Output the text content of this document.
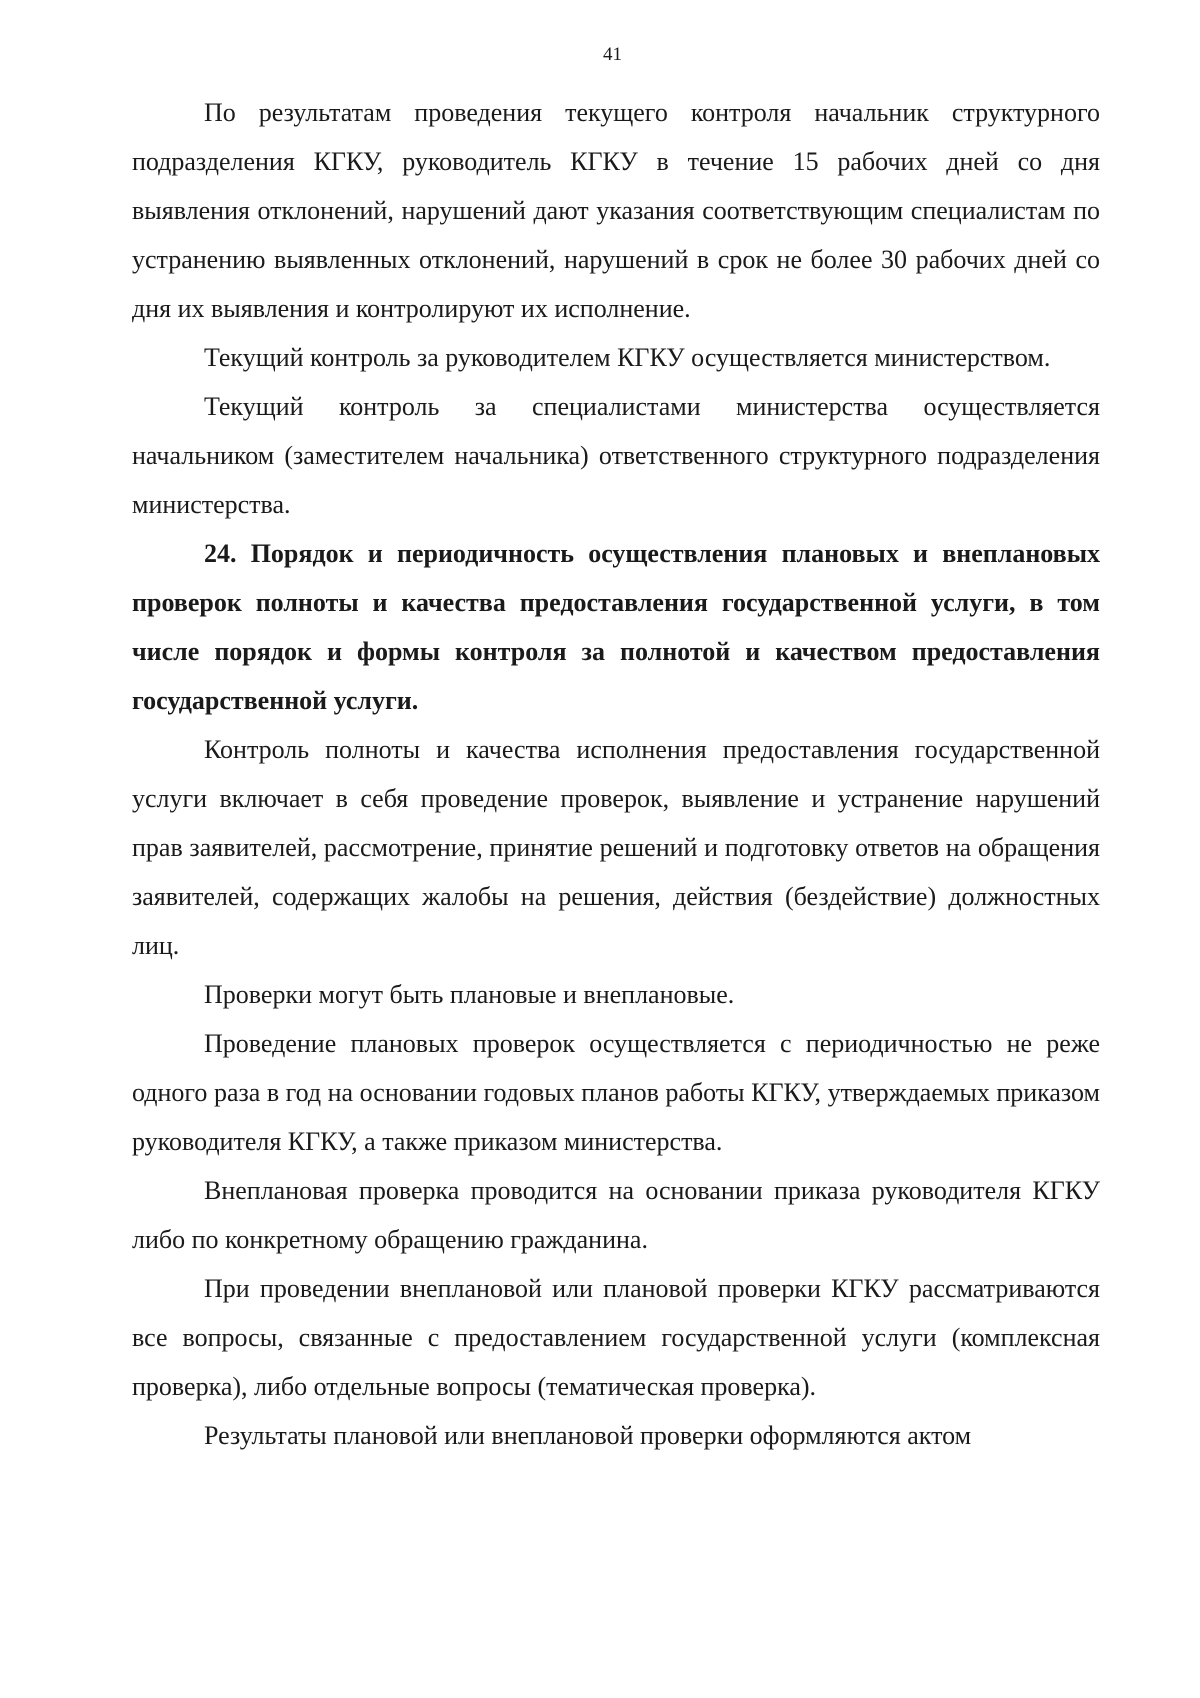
41

По результатам проведения текущего контроля начальник структурного подразделения КГКУ, руководитель КГКУ в течение 15 рабочих дней со дня выявления отклонений, нарушений дают указания соответствующим специалистам по устранению выявленных отклонений, нарушений в срок не более 30 рабочих дней со дня их выявления и контролируют их исполнение.

Текущий контроль за руководителем КГКУ осуществляется министерством.

Текущий контроль за специалистами министерства осуществляется начальником (заместителем начальника) ответственного структурного подразделения министерства.

24. Порядок и периодичность осуществления плановых и внеплановых проверок полноты и качества предоставления государственной услуги, в том числе порядок и формы контроля за полнотой и качеством предоставления государственной услуги.

Контроль полноты и качества исполнения предоставления государственной услуги включает в себя проведение проверок, выявление и устранение нарушений прав заявителей, рассмотрение, принятие решений и подготовку ответов на обращения заявителей, содержащих жалобы на решения, действия (бездействие) должностных лиц.

Проверки могут быть плановые и внеплановые.

Проведение плановых проверок осуществляется с периодичностью не реже одного раза в год на основании годовых планов работы КГКУ, утверждаемых приказом руководителя КГКУ, а также приказом министерства.

Внеплановая проверка проводится на основании приказа руководителя КГКУ либо по конкретному обращению гражданина.

При проведении внеплановой или плановой проверки КГКУ рассматриваются все вопросы, связанные с предоставлением государственной услуги (комплексная проверка), либо отдельные вопросы (тематическая проверка).

Результаты плановой или внеплановой проверки оформляются актом
